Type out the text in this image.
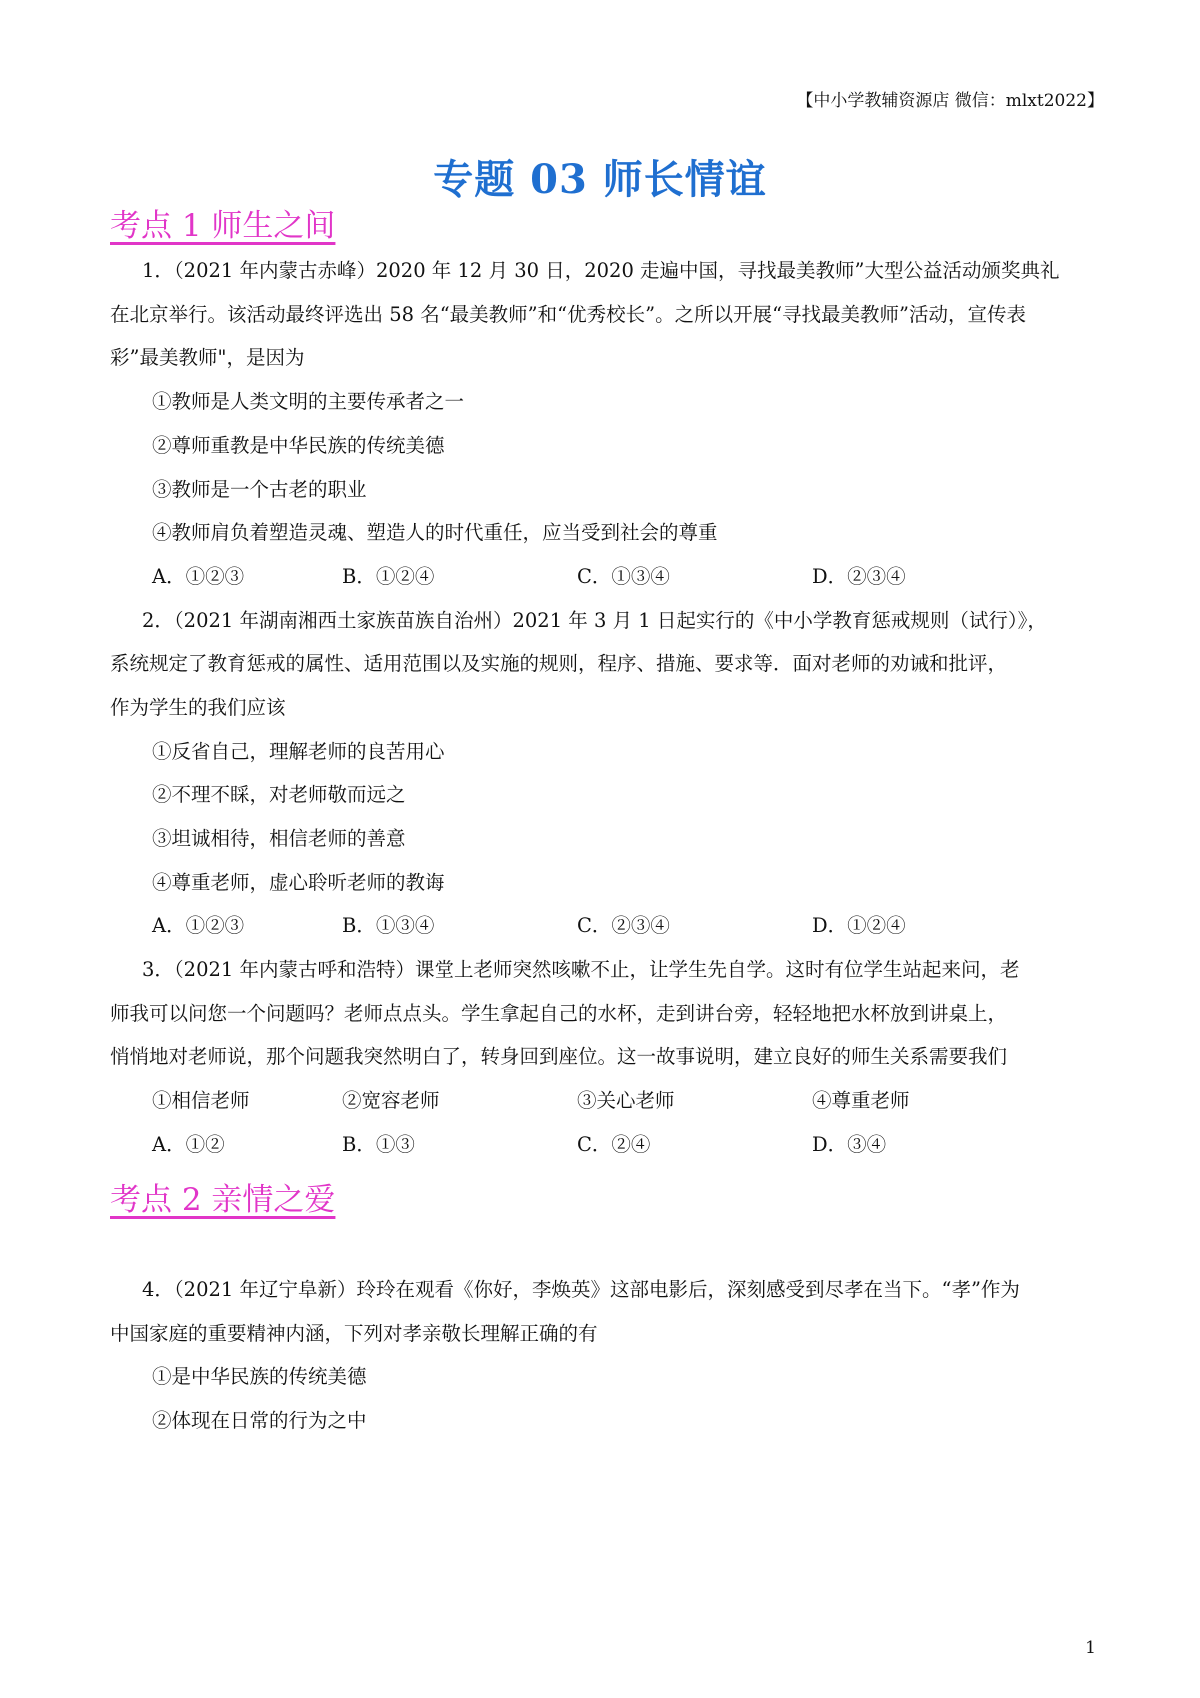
【中小学教辅资源店 微信：mlxt2022】
专题 03 师长情谊
考点 1 师生之间
1．（2021 年内蒙古赤峰）2020 年 12 月 30 日，2020 走遍中国，寻找最美教师”大型公益活动颁奖典礼
在北京举行。该活动最终评选出 58 名“最美教师”和“优秀校长”。之所以开展“寻找最美教师”活动，宣传表
彩”最美教师"，是因为
①教师是人类文明的主要传承者之一
②尊师重教是中华民族的传统美德
③教师是一个古老的职业
④教师肩负着塑造灵魂、塑造人的时代重任，应当受到社会的尊重
A．①②③	B．①②④	C．①③④	D．②③④
2．（2021 年湖南湘西土家族苗族自治州）2021 年 3 月 1 日起实行的《中小学教育惩戒规则（试行）》，
系统规定了教育惩戒的属性、适用范围以及实施的规则，程序、措施、要求等．面对老师的劝诫和批评，
作为学生的我们应该
①反省自己，理解老师的良苦用心
②不理不睬，对老师敬而远之
③坦诚相待，相信老师的善意
④尊重老师，虚心聆听老师的教诲
A．①②③	B．①③④	C．②③④	D．①②④
3．（2021 年内蒙古呼和浩特）课堂上老师突然咳嗽不止，让学生先自学。这时有位学生站起来问，老
师我可以问您一个问题吗？老师点点头。学生拿起自己的水杯，走到讲台旁，轻轻地把水杯放到讲桌上，
悄悄地对老师说，那个问题我突然明白了，转身回到座位。这一故事说明，建立良好的师生关系需要我们
①相信老师	②宽容老师	③关心老师	④尊重老师
A．①②	B．①③	C．②④	D．③④
考点 2 亲情之爱
4．（2021 年辽宁阜新）玲玲在观看《你好，李焕英》这部电影后，深刻感受到尽孝在当下。“孝”作为
中国家庭的重要精神内涵，下列对孝亲敬长理解正确的有
①是中华民族的传统美德
②体现在日常的行为之中
1
